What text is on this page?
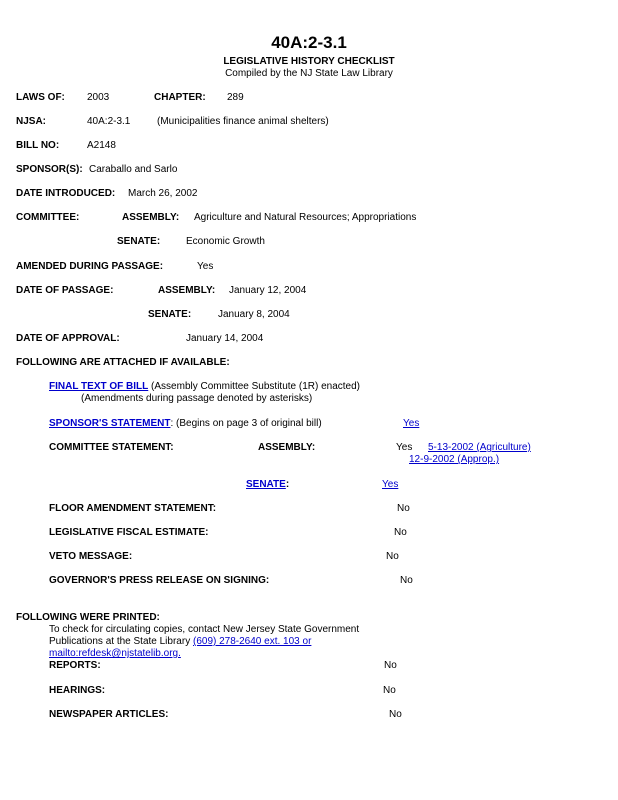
40A:2-3.1
LEGISLATIVE HISTORY CHECKLIST
Compiled by the NJ State Law Library
LAWS OF: 2003	CHAPTER: 289
NJSA:	40A:2-3.1	(Municipalities finance animal shelters)
BILL NO:	A2148
SPONSOR(S): Caraballo and Sarlo
DATE INTRODUCED: March 26, 2002
COMMITTEE:	ASSEMBLY: Agriculture and Natural Resources; Appropriations
SENATE:	Economic Growth
AMENDED DURING PASSAGE:	Yes
DATE OF PASSAGE:	ASSEMBLY: January 12, 2004
SENATE:	January 8, 2004
DATE OF APPROVAL:	January 14, 2004
FOLLOWING ARE ATTACHED IF AVAILABLE:
FINAL TEXT OF BILL (Assembly Committee Substitute (1R) enacted)
(Amendments during passage denoted by asterisks)
SPONSOR'S STATEMENT: (Begins on page 3 of original bill)	Yes
COMMITTEE STATEMENT:	ASSEMBLY:	Yes 5-13-2002 (Agriculture)
12-9-2002 (Approp.)
SENATE:	Yes
FLOOR AMENDMENT STATEMENT:	No
LEGISLATIVE FISCAL ESTIMATE:	No
VETO MESSAGE:	No
GOVERNOR'S PRESS RELEASE ON SIGNING:	No
FOLLOWING WERE PRINTED:
To check for circulating copies, contact New Jersey State Government
Publications at the State Library (609) 278-2640 ext. 103 or
mailto:refdesk@njstatelib.org.
REPORTS:	No
HEARINGS:	No
NEWSPAPER ARTICLES:	No
